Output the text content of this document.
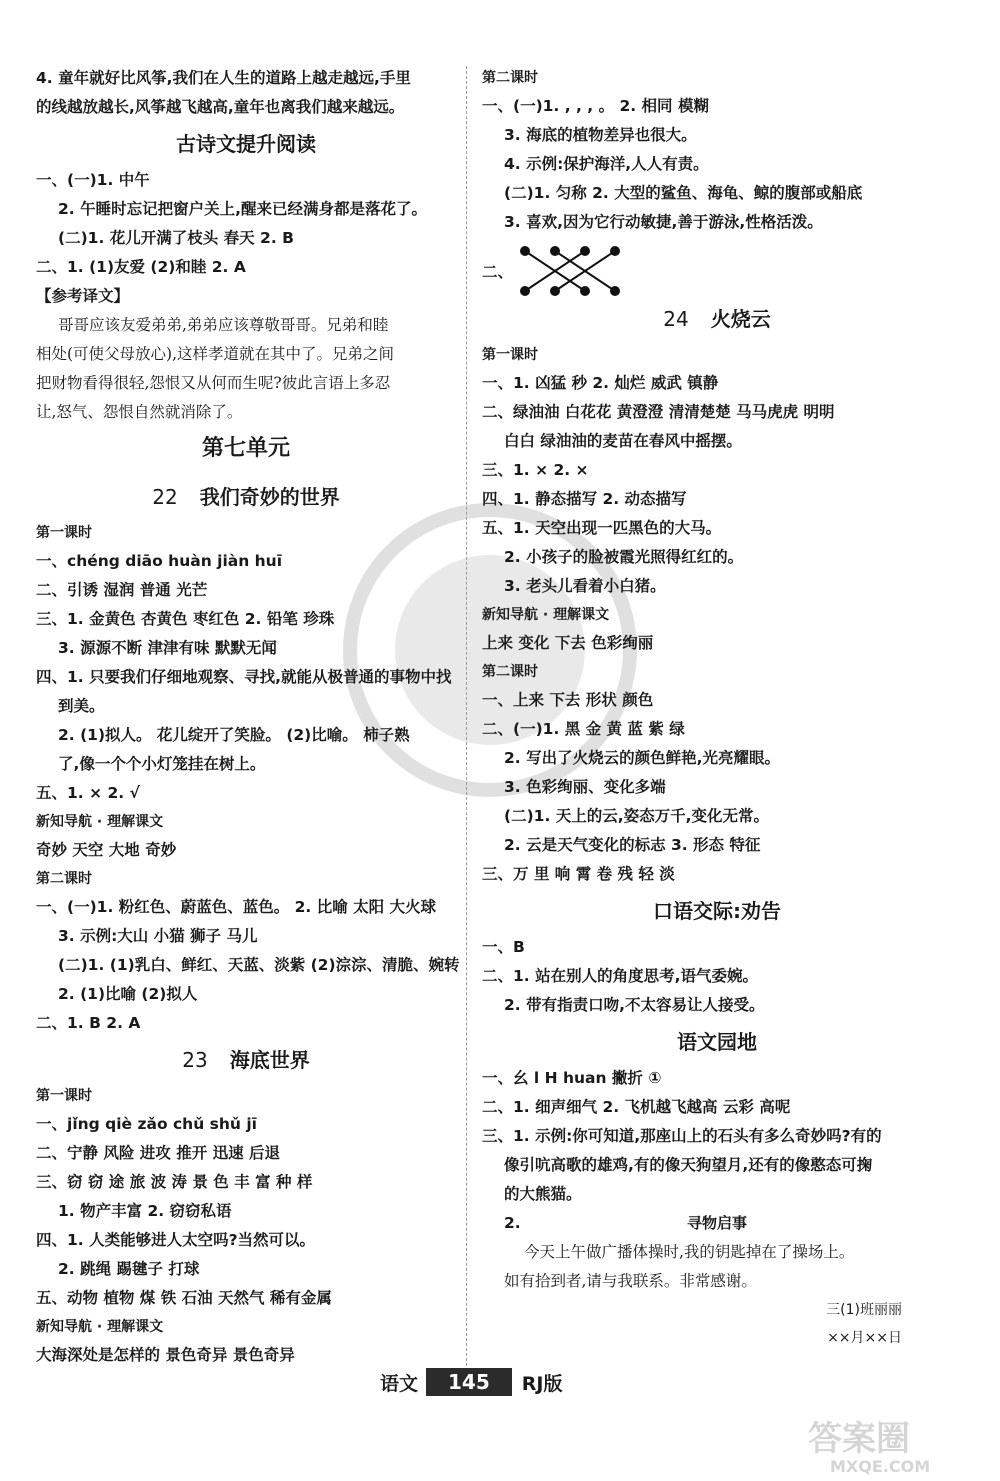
4. 童年就好比风筝,我们在人生的道路上越走越远,手里
的线越放越长,风筝越飞越高,童年也离我们越来越远。
古诗文提升阅读
一、(一)1. 中午
2. 午睡时忘记把窗户关上,醒来已经满身都是落花了。
(二)1. 花儿开满了枝头 春天 2. B
二、1. (1)友爱 (2)和睦 2. A
【参考译文】
哥哥应该友爱弟弟,弟弟应该尊敬哥哥。兄弟和睦
相处(可使父母放心),这样孝道就在其中了。兄弟之间
把财物看得很轻,怨恨又从何而生呢?彼此言语上多忍
让,怒气、怨恨自然就消除了。
第七单元
22 我们奇妙的世界
第一课时
一、chéng diāo huàn jiàn huī
二、引诱 湿润 普通 光芒
三、1. 金黄色 杏黄色 枣红色 2. 铅笔 珍珠
3. 源源不断 津津有味 默默无闻
四、1. 只要我们仔细地观察、寻找,就能从极普通的事物中找
到美。
2. (1)拟人。 花儿绽开了笑脸。 (2)比喻。 柿子熟
了,像一个个小灯笼挂在树上。
五、1. × 2. √
新知导航 · 理解课文
奇妙 天空 大地 奇妙
第二课时
一、(一)1. 粉红色、蔚蓝色、蓝色。 2. 比喻 太阳 大火球
3. 示例:大山 小猫 狮子 马儿
(二)1. (1)乳白、鲜红、天蓝、淡紫 (2)淙淙、清脆、婉转
2. (1)比喻 (2)拟人
二、1. B 2. A
23 海底世界
第一课时
一、jǐng qiè zǎo chǔ shǔ jī
二、宁静 风险 进攻 推开 迅速 后退
三、窃 窃 途 旅 波 涛 景 色 丰 富 种 样
1. 物产丰富 2. 窃窃私语
四、1. 人类能够进人太空吗?当然可以。
2. 跳绳 踢毽子 打球
五、动物 植物 煤 铁 石油 天然气 稀有金属
新知导航 · 理解课文
大海深处是怎样的 景色奇异 景色奇异
第二课时
一、(一)1. , , , 。 2. 相同 模糊
3. 海底的植物差异也很大。
4. 示例:保护海洋,人人有责。
(二)1. 匀称 2. 大型的鲨鱼、海龟、鲸的腹部或船底
3. 喜欢,因为它行动敏捷,善于游泳,性格活泼。
二、
24 火烧云
第一课时
一、1. 凶猛 秒 2. 灿烂 威武 镇静
二、绿油油 白花花 黄澄澄 清清楚楚 马马虎虎 明明
白白 绿油油的麦苗在春风中摇摆。
三、1. × 2. ×
四、1. 静态描写 2. 动态描写
五、1. 天空出现一匹黑色的大马。
2. 小孩子的脸被霞光照得红红的。
3. 老头儿看着小白猪。
新知导航 · 理解课文
上来 变化 下去 色彩绚丽
第二课时
一、上来 下去 形状 颜色
二、(一)1. 黑 金 黄 蓝 紫 绿
2. 写出了火烧云的颜色鲜艳,光亮耀眼。
3. 色彩绚丽、变化多端
(二)1. 天上的云,姿态万千,变化无常。
2. 云是天气变化的标志 3. 形态 特征
三、万 里 响 霄 卷 残 轻 淡
口语交际:劝告
一、B
二、1. 站在别人的角度思考,语气委婉。
2. 带有指责口吻,不太容易让人接受。
语文园地
一、幺 l H huan 撇折 ①
二、1. 细声细气 2. 飞机越飞越高 云彩 高呢
三、1. 示例:你可知道,那座山上的石头有多么奇妙吗?有的
像引吭高歌的雄鸡,有的像天狗望月,还有的像憨态可掬
的大熊猫。
2.	寻物启事
今天上午做广播体操时,我的钥匙掉在了操场上。
如有拾到者,请与我联系。非常感谢。
三(1)班丽丽
××月××日
语文	145	RJ版
答案圈
MXQE.COM
